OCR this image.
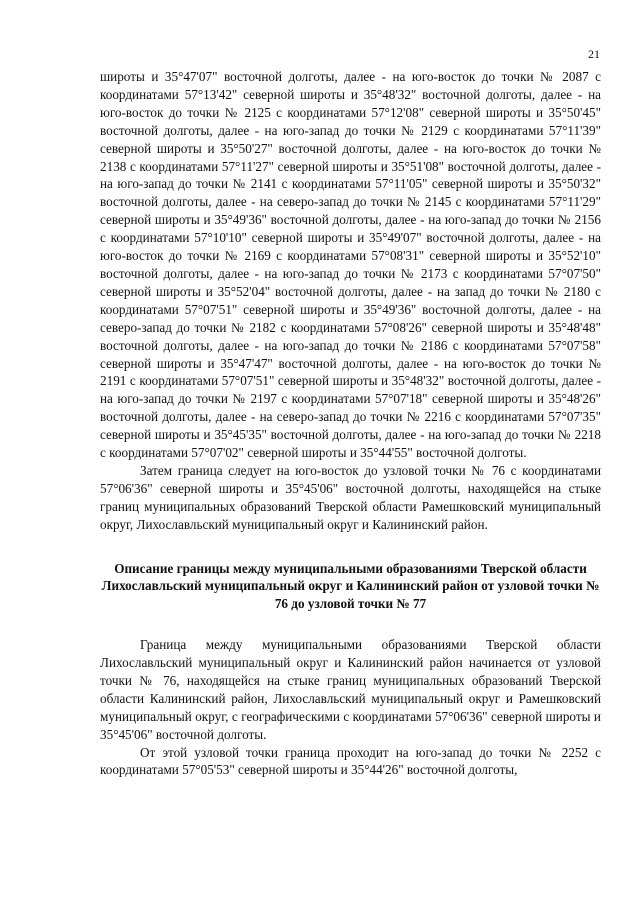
21

широты и 35°47'07" восточной долготы, далее - на юго-восток до точки № 2087 с координатами 57°13'42" северной широты и 35°48'32" восточной долготы, далее - на юго-восток до точки № 2125 с координатами 57°12'08" северной широты и 35°50'45" восточной долготы, далее - на юго-запад до точки № 2129 с координатами 57°11'39" северной широты и 35°50'27" восточной долготы, далее - на юго-восток до точки № 2138 с координатами 57°11'27" северной широты и 35°51'08" восточной долготы, далее - на юго-запад до точки № 2141 с координатами 57°11'05" северной широты и 35°50'32" восточной долготы, далее - на северо-запад до точки № 2145 с координатами 57°11'29" северной широты и 35°49'36" восточной долготы, далее - на юго-запад до точки № 2156 с координатами 57°10'10" северной широты и 35°49'07" восточной долготы, далее - на юго-восток до точки № 2169 с координатами 57°08'31" северной широты и 35°52'10" восточной долготы, далее - на юго-запад до точки № 2173 с координатами 57°07'50" северной широты и 35°52'04" восточной долготы, далее - на запад до точки № 2180 с координатами 57°07'51" северной широты и 35°49'36" восточной долготы, далее - на северо-запад до точки № 2182 с координатами 57°08'26" северной широты и 35°48'48" восточной долготы, далее - на юго-запад до точки № 2186 с координатами 57°07'58" северной широты и 35°47'47" восточной долготы, далее - на юго-восток до точки № 2191 с координатами 57°07'51" северной широты и 35°48'32" восточной долготы, далее - на юго-запад до точки № 2197 с координатами 57°07'18" северной широты и 35°48'26" восточной долготы, далее - на северо-запад до точки № 2216 с координатами 57°07'35" северной широты и 35°45'35" восточной долготы, далее - на юго-запад до точки № 2218 с координатами 57°07'02" северной широты и 35°44'55" восточной долготы.

Затем граница следует на юго-восток до узловой точки № 76 с координатами 57°06'36" северной широты и 35°45'06" восточной долготы, находящейся на стыке границ муниципальных образований Тверской области Рамешковский муниципальный округ, Лихославльский муниципальный округ и Калининский район.

Описание границы между муниципальными образованиями Тверской области Лихославльский муниципальный округ и Калининский район от узловой точки № 76 до узловой точки № 77

Граница между муниципальными образованиями Тверской области Лихославльский муниципальный округ и Калининский район начинается от узловой точки № 76, находящейся на стыке границ муниципальных образований Тверской области Калининский район, Лихославльский муниципальный округ и Рамешковский муниципальный округ, с географическими с координатами 57°06'36" северной широты и 35°45'06" восточной долготы.

От этой узловой точки граница проходит на юго-запад до точки № 2252 с координатами 57°05'53" северной широты и 35°44'26" восточной долготы,
